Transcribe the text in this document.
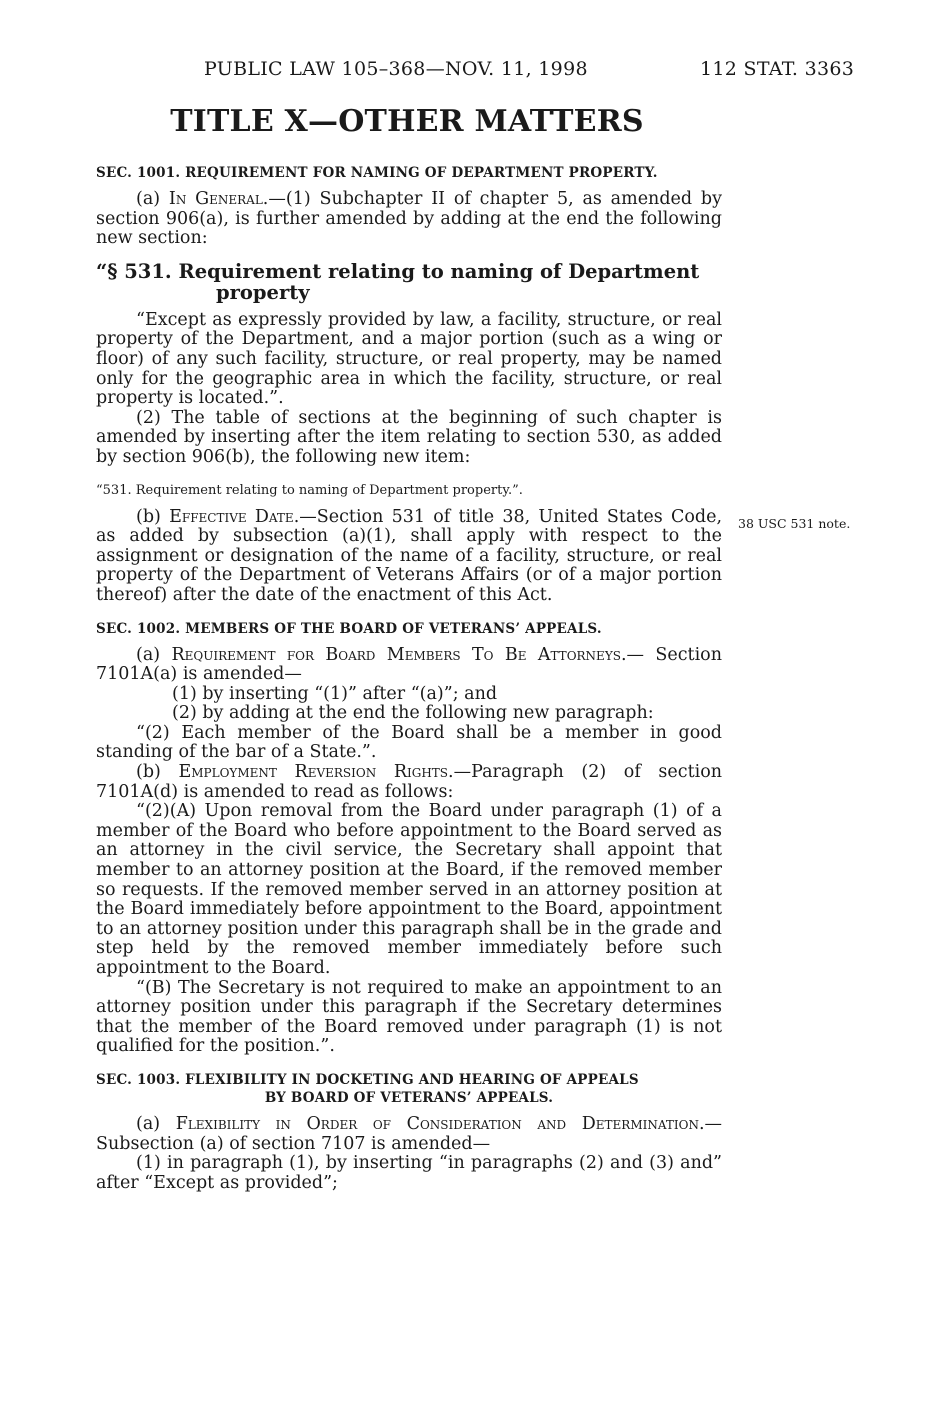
PUBLIC LAW 105–368—NOV. 11, 1998	112 STAT. 3363
TITLE X—OTHER MATTERS
38 USC 531 note.
SEC. 1001. REQUIREMENT FOR NAMING OF DEPARTMENT PROPERTY.

(a) In General.—(1) Subchapter II of chapter 5, as amended by section 906(a), is further amended by adding at the end the following new section:

“§ 531. Requirement relating to naming of Department
property

“Except as expressly provided by law, a facility, structure, or real property of the Department, and a major portion (such as a wing or floor) of any such facility, structure, or real property, may be named only for the geographic area in which the facility, structure, or real property is located.”.

(2) The table of sections at the beginning of such chapter is amended by inserting after the item relating to section 530, as added by section 906(b), the following new item:

“531. Requirement relating to naming of Department property.”.

(b) Effective Date.—Section 531 of title 38, United States Code, as added by subsection (a)(1), shall apply with respect to the assignment or designation of the name of a facility, structure, or real property of the Department of Veterans Affairs (or of a major portion thereof) after the date of the enactment of this Act.

SEC. 1002. MEMBERS OF THE BOARD OF VETERANS’ APPEALS.

(a) Requirement for Board Members To Be Attorneys.— Section 7101A(a) is amended—

(1) by inserting “(1)” after “(a)”; and

(2) by adding at the end the following new paragraph:

“(2) Each member of the Board shall be a member in good standing of the bar of a State.”.

(b) Employment Reversion Rights.—Paragraph (2) of section 7101A(d) is amended to read as follows:

“(2)(A) Upon removal from the Board under paragraph (1) of a member of the Board who before appointment to the Board served as an attorney in the civil service, the Secretary shall appoint that member to an attorney position at the Board, if the removed member so requests. If the removed member served in an attorney position at the Board immediately before appointment to the Board, appointment to an attorney position under this paragraph shall be in the grade and step held by the removed member immediately before such appointment to the Board.

“(B) The Secretary is not required to make an appointment to an attorney position under this paragraph if the Secretary determines that the member of the Board removed under paragraph (1) is not qualified for the position.”.

SEC. 1003. FLEXIBILITY IN DOCKETING AND HEARING OF APPEALS
BY BOARD OF VETERANS’ APPEALS.

(a) Flexibility in Order of Consideration and Determination.—Subsection (a) of section 7107 is amended—

(1) in paragraph (1), by inserting “in paragraphs (2) and (3) and” after “Except as provided”;
